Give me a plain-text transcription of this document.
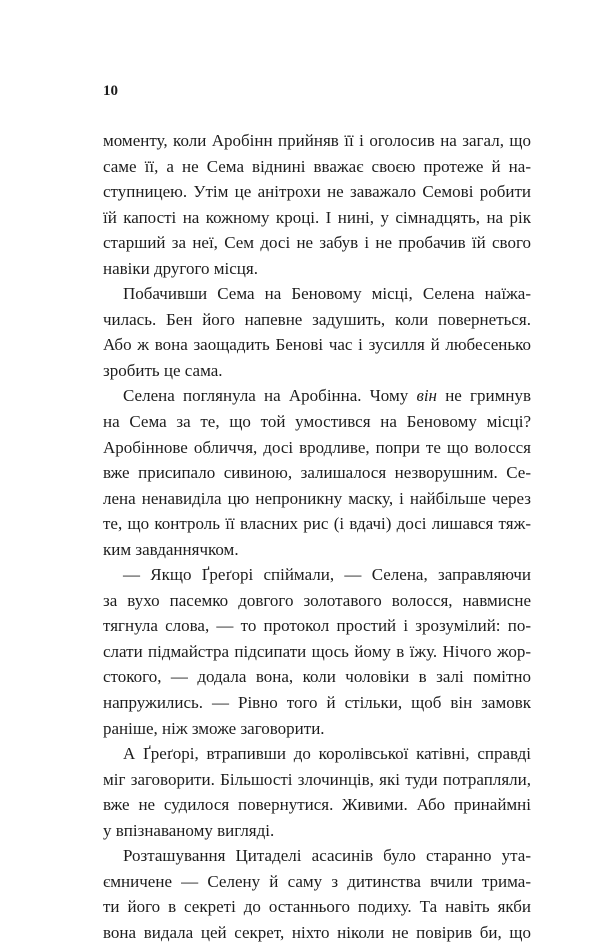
10
моменту, коли Аробінн прийняв її і оголосив на загал, що
саме її, а не Сема віднині вважає своєю протеже й на-
ступницею. Утім це анітрохи не заважало Семові робити
їй капості на кожному кроці. І нині, у сімнадцять, на рік
старший за неї, Сем досі не забув і не пробачив їй свого
навіки другого місця.
Побачивши Сема на Беновому місці, Селена наїжа-
чилась. Бен його напевне задушить, коли повернеться.
Або ж вона заощадить Бенові час і зусилля й любесенько
зробить це сама.
Селена поглянула на Аробінна. Чому він не гримнув
на Сема за те, що той умостився на Беновому місці?
Аробіннове обличчя, досі вродливе, попри те що волосся
вже присипало сивиною, залишалося незворушним. Се-
лена ненавиділа цю непроникну маску, і найбільше через
те, що контроль її власних рис (і вдачі) досі лишався тяж-
ким завданнячком.
— Якщо Ґреґорі спіймали, — Селена, заправляючи
за вухо пасемко довгого золотавого волосся, навмисне
тягнула слова, — то протокол простий і зрозумілий: по-
слати підмайстра підсипати щось йому в їжу. Нічого жор-
стокого, — додала вона, коли чоловіки в залі помітно
напружились. — Рівно того й стільки, щоб він замовк
раніше, ніж зможе заговорити.
А Ґреґорі, втрапивши до королівської катівні, справді
міг заговорити. Більшості злочинців, які туди потрапляли,
вже не судилося повернутися. Живими. Або принаймні
у впізнаваному вигляді.
Розташування Цитаделі асасинів було старанно ута-
ємничене — Селену й саму з дитинства вчили трима-
ти його в секреті до останнього подиху. Та навіть якби
вона видала цей секрет, ніхто ніколи не повірив би, що
